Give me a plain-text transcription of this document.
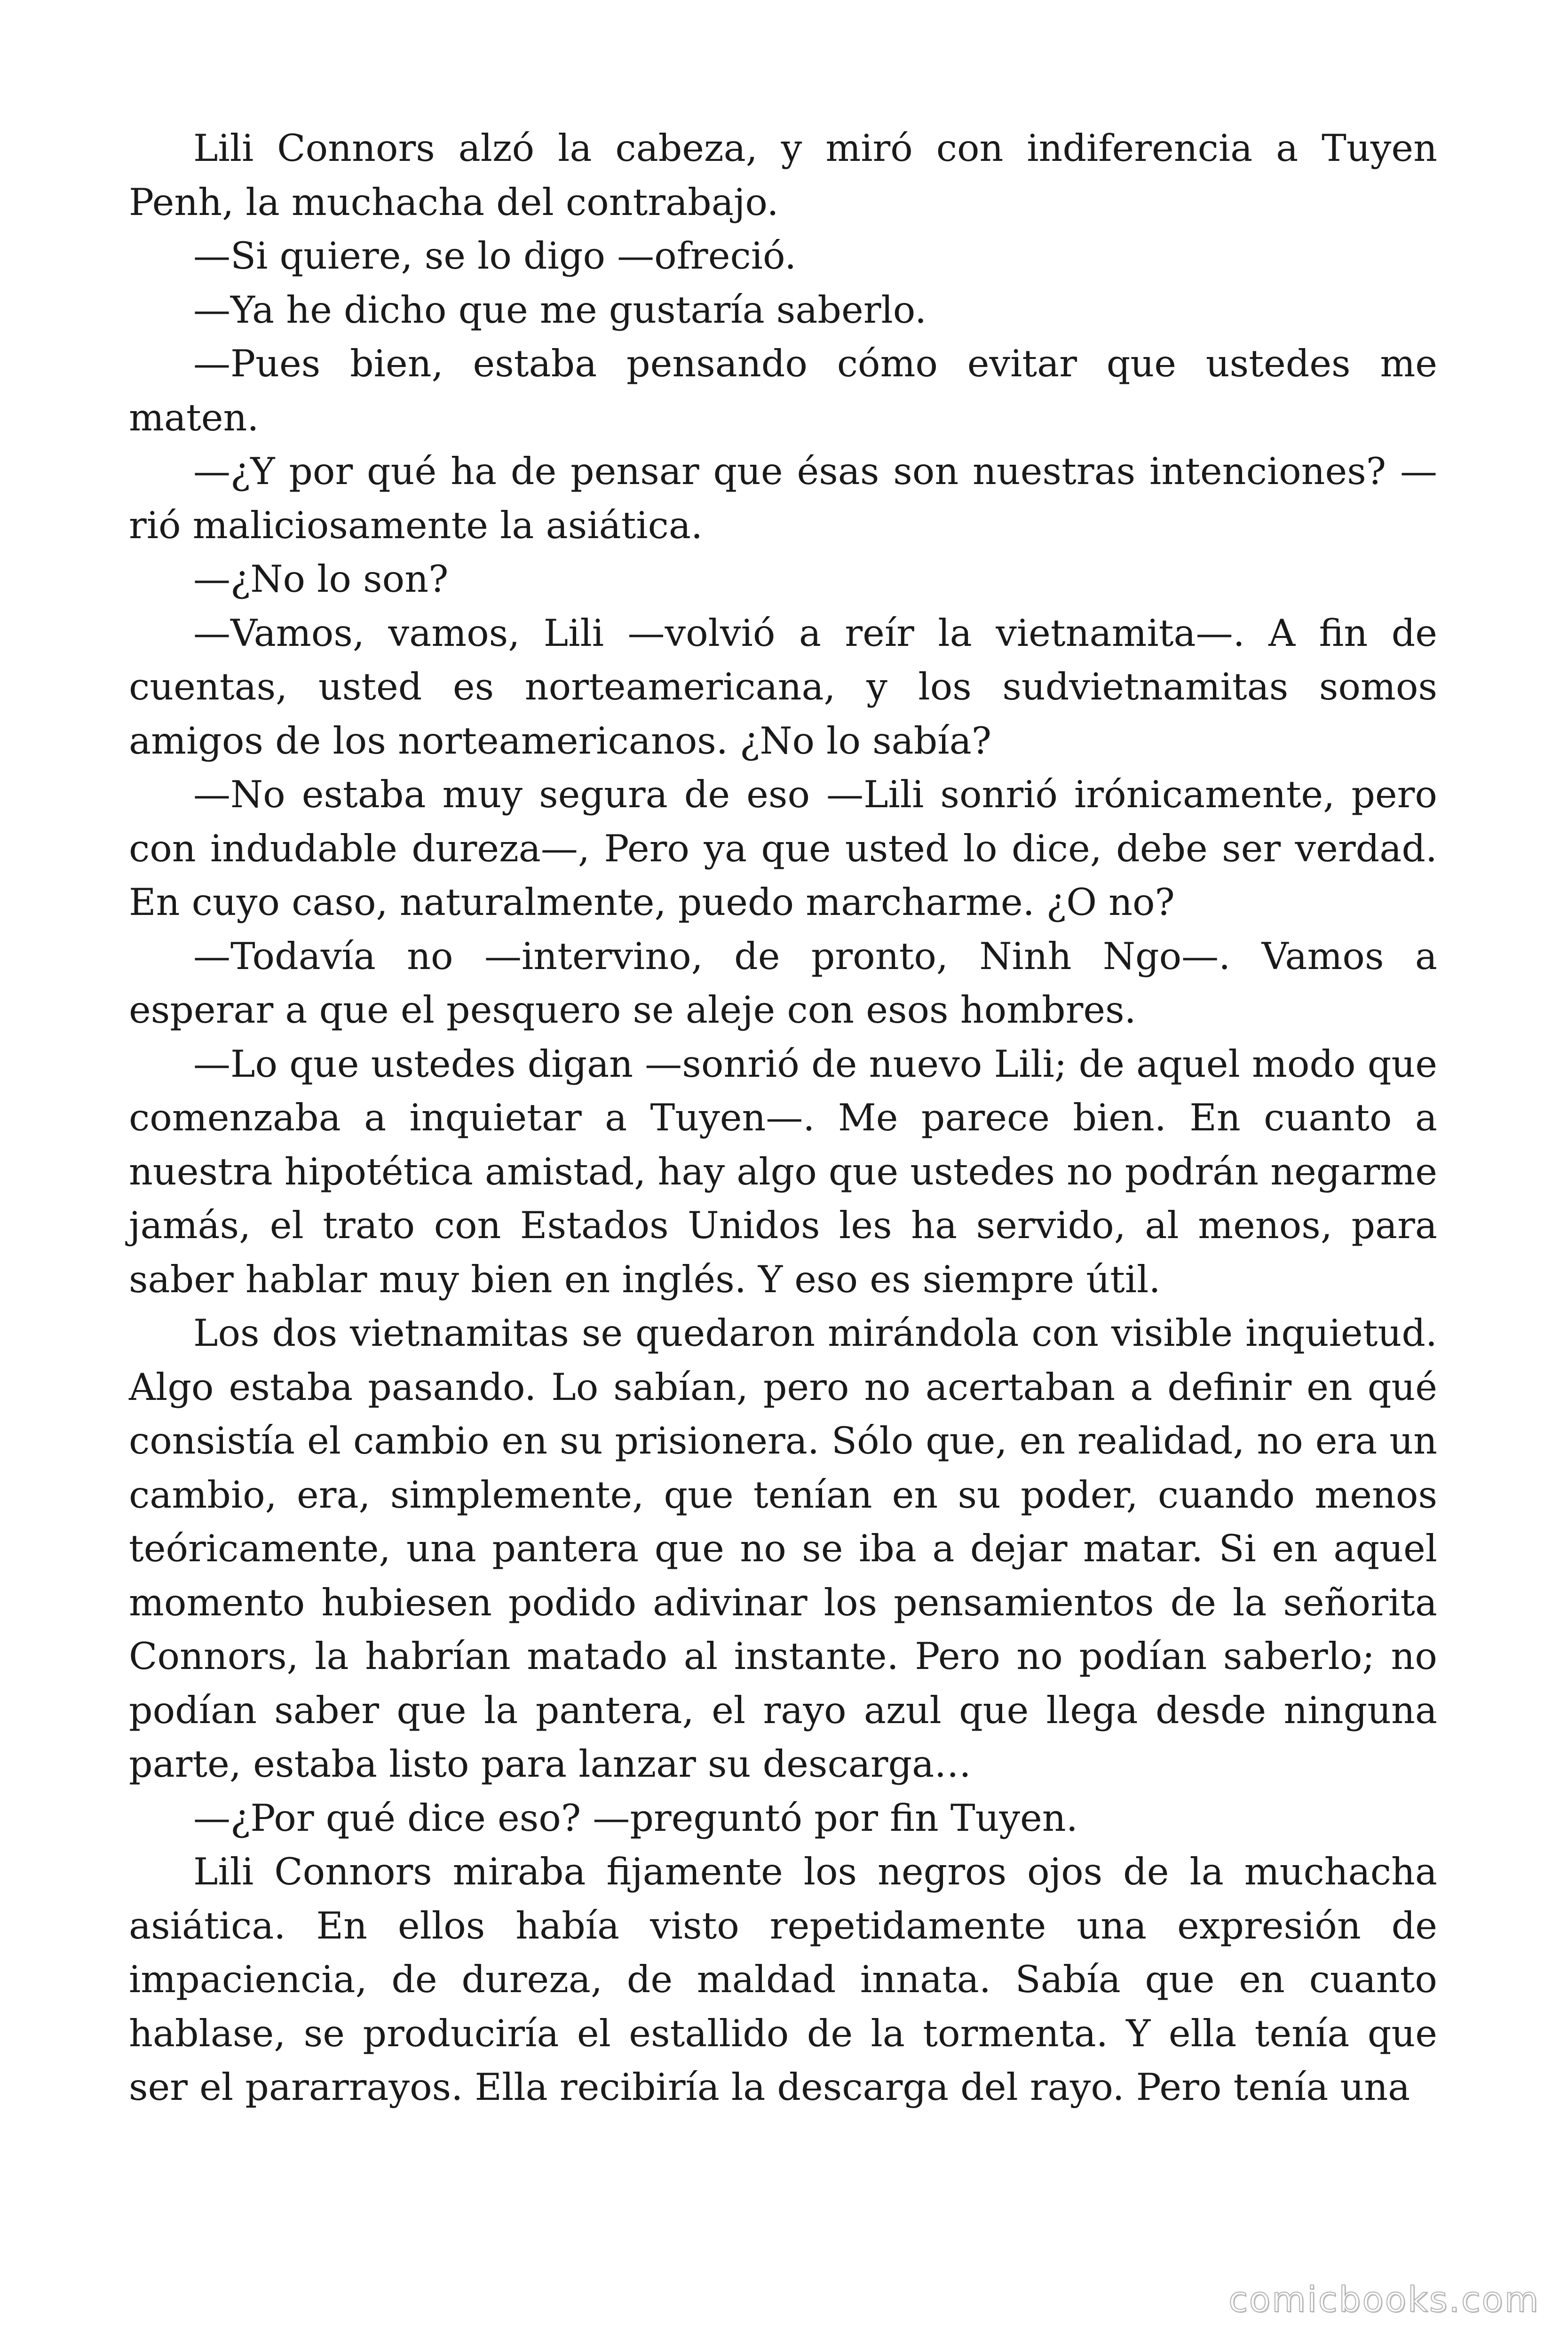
Lili Connors alzó la cabeza, y miró con indiferencia a Tuyen Penh, la muchacha del contrabajo.

—Si quiere, se lo digo —ofreció.

—Ya he dicho que me gustaría saberlo.

—Pues bien, estaba pensando cómo evitar que ustedes me maten.

—¿Y por qué ha de pensar que ésas son nuestras intenciones? — rió maliciosamente la asiática.

—¿No lo son?

—Vamos, vamos, Lili —volvió a reír la vietnamita—. A fin de cuentas, usted es norteamericana, y los sudvietnamitas somos amigos de los norteamericanos. ¿No lo sabía?

—No estaba muy segura de eso —Lili sonrió irónicamente, pero con indudable dureza—, Pero ya que usted lo dice, debe ser verdad. En cuyo caso, naturalmente, puedo marcharme. ¿O no?

—Todavía no —intervino, de pronto, Ninh Ngo—. Vamos a esperar a que el pesquero se aleje con esos hombres.

—Lo que ustedes digan —sonrió de nuevo Lili; de aquel modo que comenzaba a inquietar a Tuyen—. Me parece bien. En cuanto a nuestra hipotética amistad, hay algo que ustedes no podrán negarme jamás, el trato con Estados Unidos les ha servido, al menos, para saber hablar muy bien en inglés. Y eso es siempre útil.

Los dos vietnamitas se quedaron mirándola con visible inquietud. Algo estaba pasando. Lo sabían, pero no acertaban a definir en qué consistía el cambio en su prisionera. Sólo que, en realidad, no era un cambio, era, simplemente, que tenían en su poder, cuando menos teóricamente, una pantera que no se iba a dejar matar. Si en aquel momento hubiesen podido adivinar los pensamientos de la señorita Connors, la habrían matado al instante. Pero no podían saberlo; no podían saber que la pantera, el rayo azul que llega desde ninguna parte, estaba listo para lanzar su descarga…

—¿Por qué dice eso? —preguntó por fin Tuyen.

Lili Connors miraba fijamente los negros ojos de la muchacha asiática. En ellos había visto repetidamente una expresión de impaciencia, de dureza, de maldad innata. Sabía que en cuanto hablase, se produciría el estallido de la tormenta. Y ella tenía que ser el pararrayos. Ella recibiría la descarga del rayo. Pero tenía una

comicbooks.com
